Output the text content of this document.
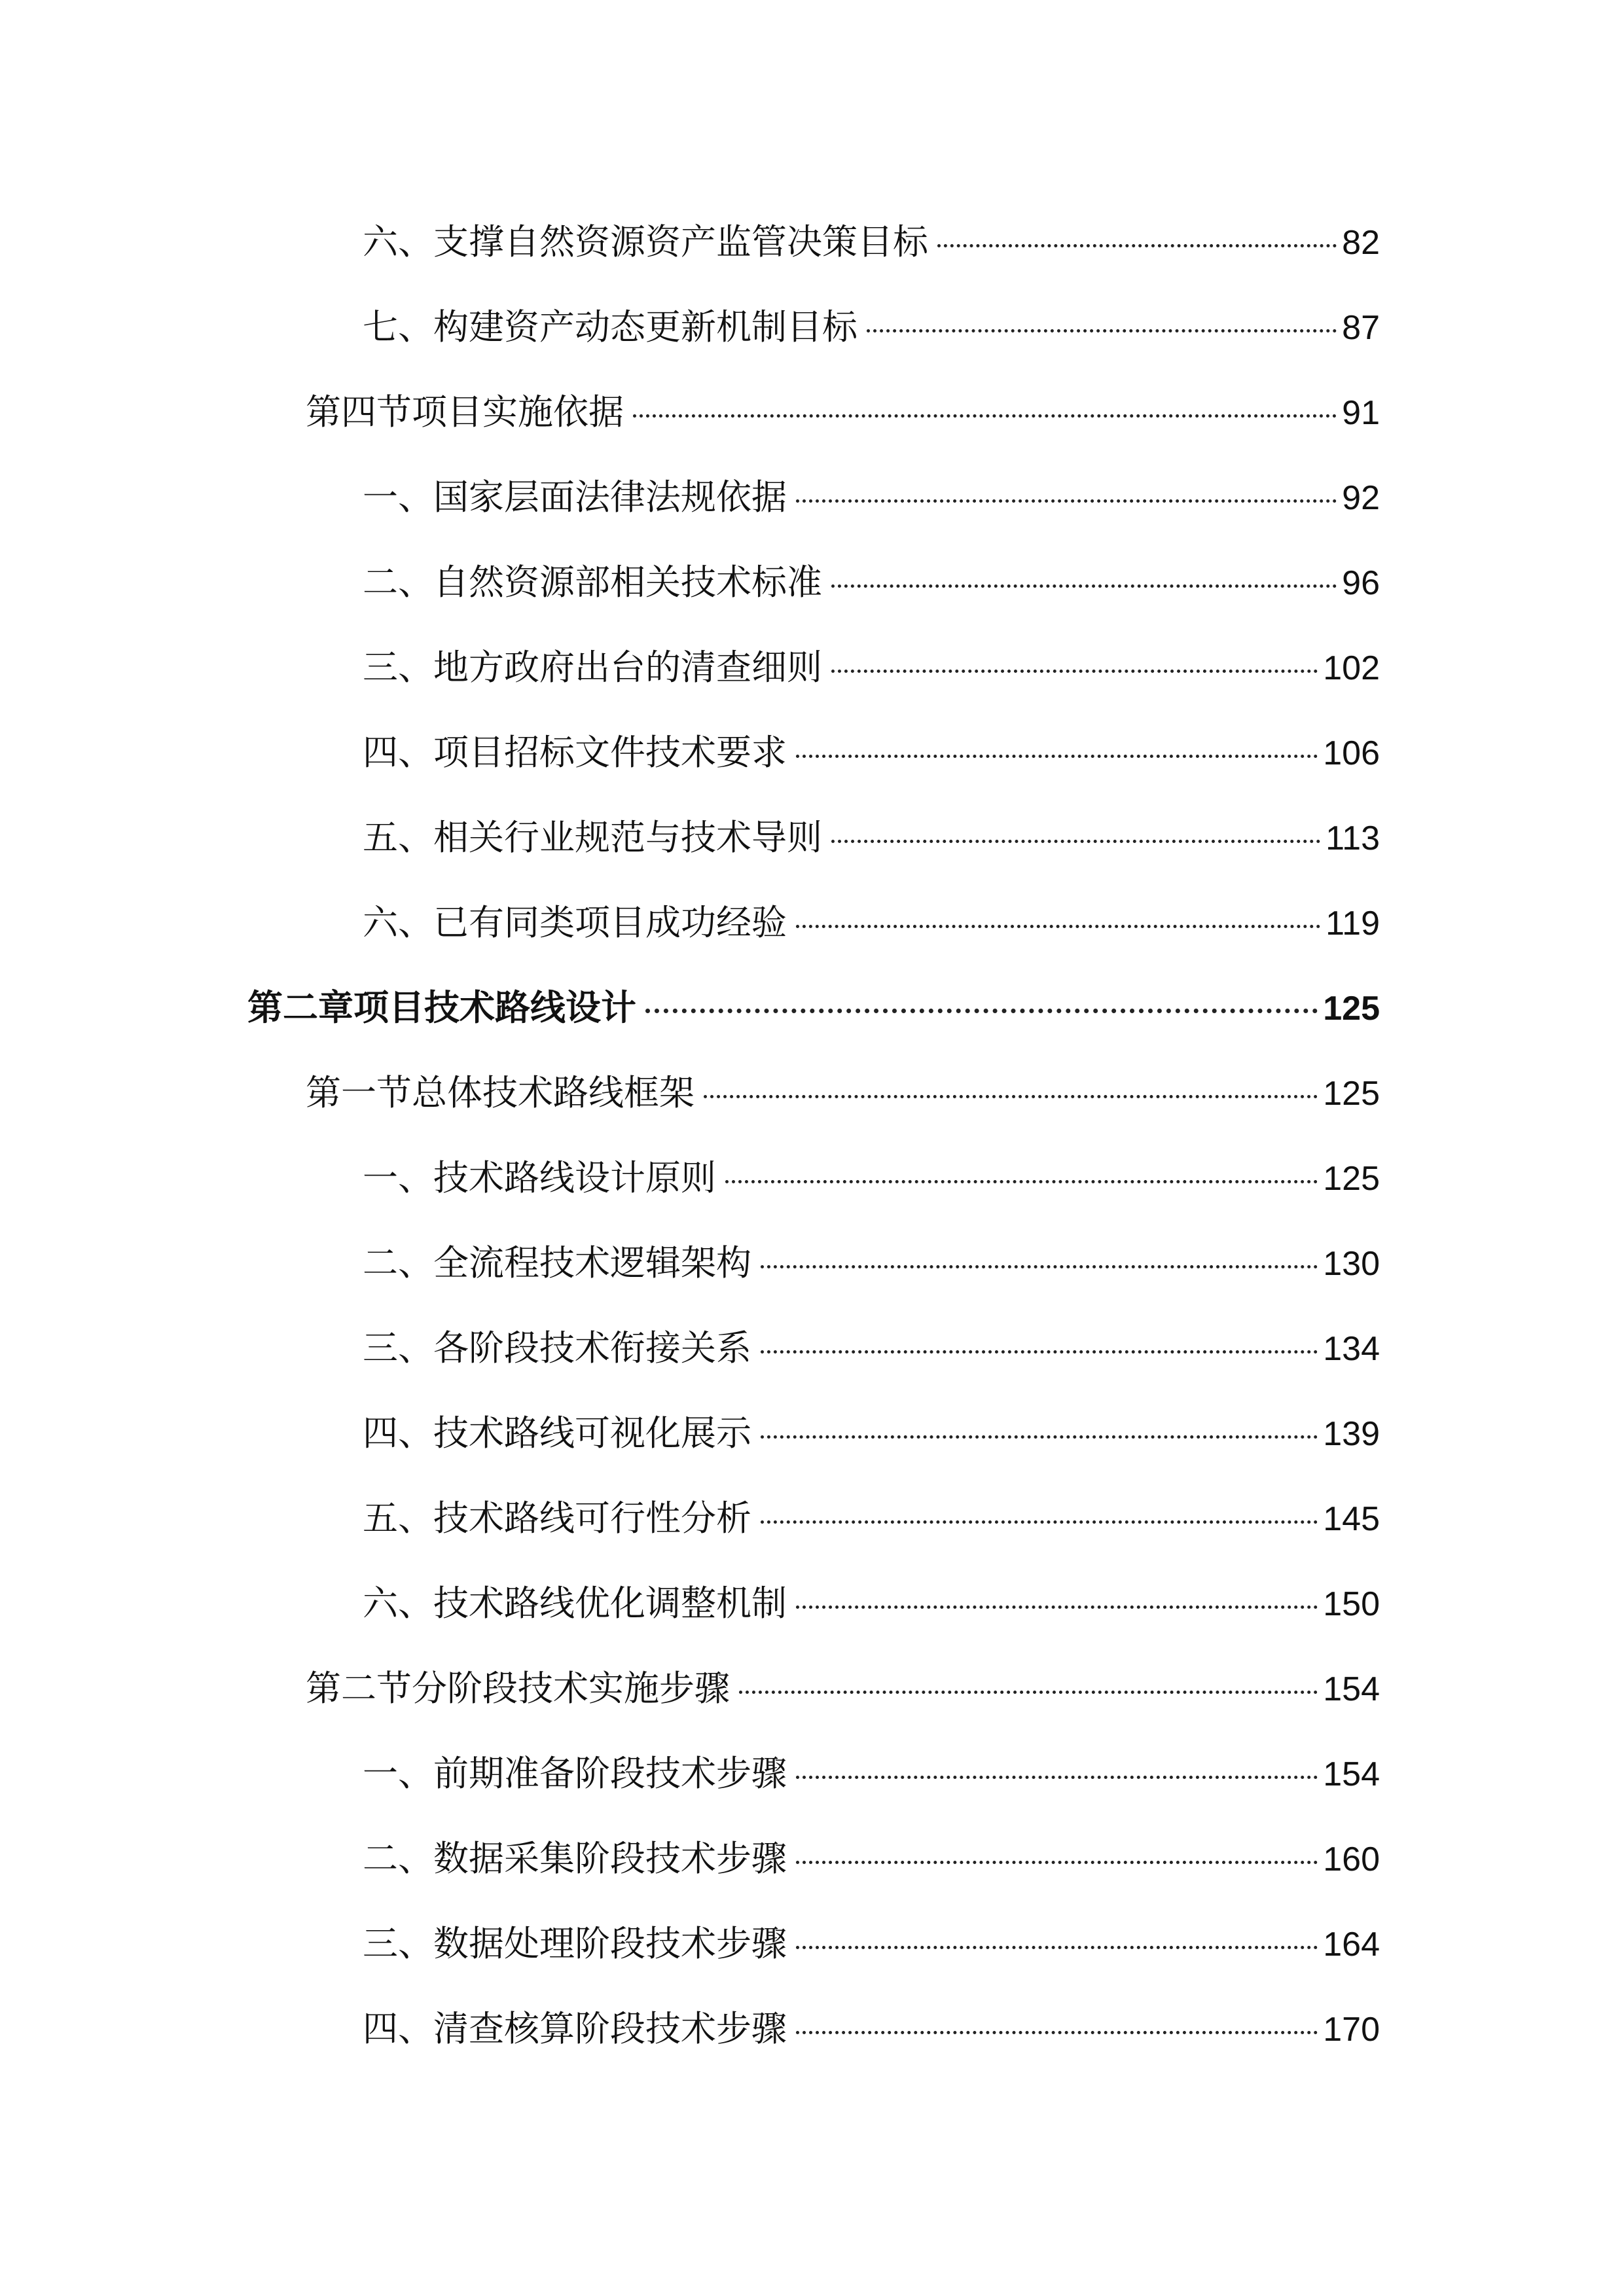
六、支撑自然资源资产监管决策目标	82
七、构建资产动态更新机制目标	87
第四节项目实施依据	91
一、国家层面法律法规依据	92
二、自然资源部相关技术标准	96
三、地方政府出台的清查细则	102
四、项目招标文件技术要求	106
五、相关行业规范与技术导则	113
六、已有同类项目成功经验	119
第二章项目技术路线设计	125
第一节总体技术路线框架	125
一、技术路线设计原则	125
二、全流程技术逻辑架构	130
三、各阶段技术衔接关系	134
四、技术路线可视化展示	139
五、技术路线可行性分析	145
六、技术路线优化调整机制	150
第二节分阶段技术实施步骤	154
一、前期准备阶段技术步骤	154
二、数据采集阶段技术步骤	160
三、数据处理阶段技术步骤	164
四、清查核算阶段技术步骤	170
